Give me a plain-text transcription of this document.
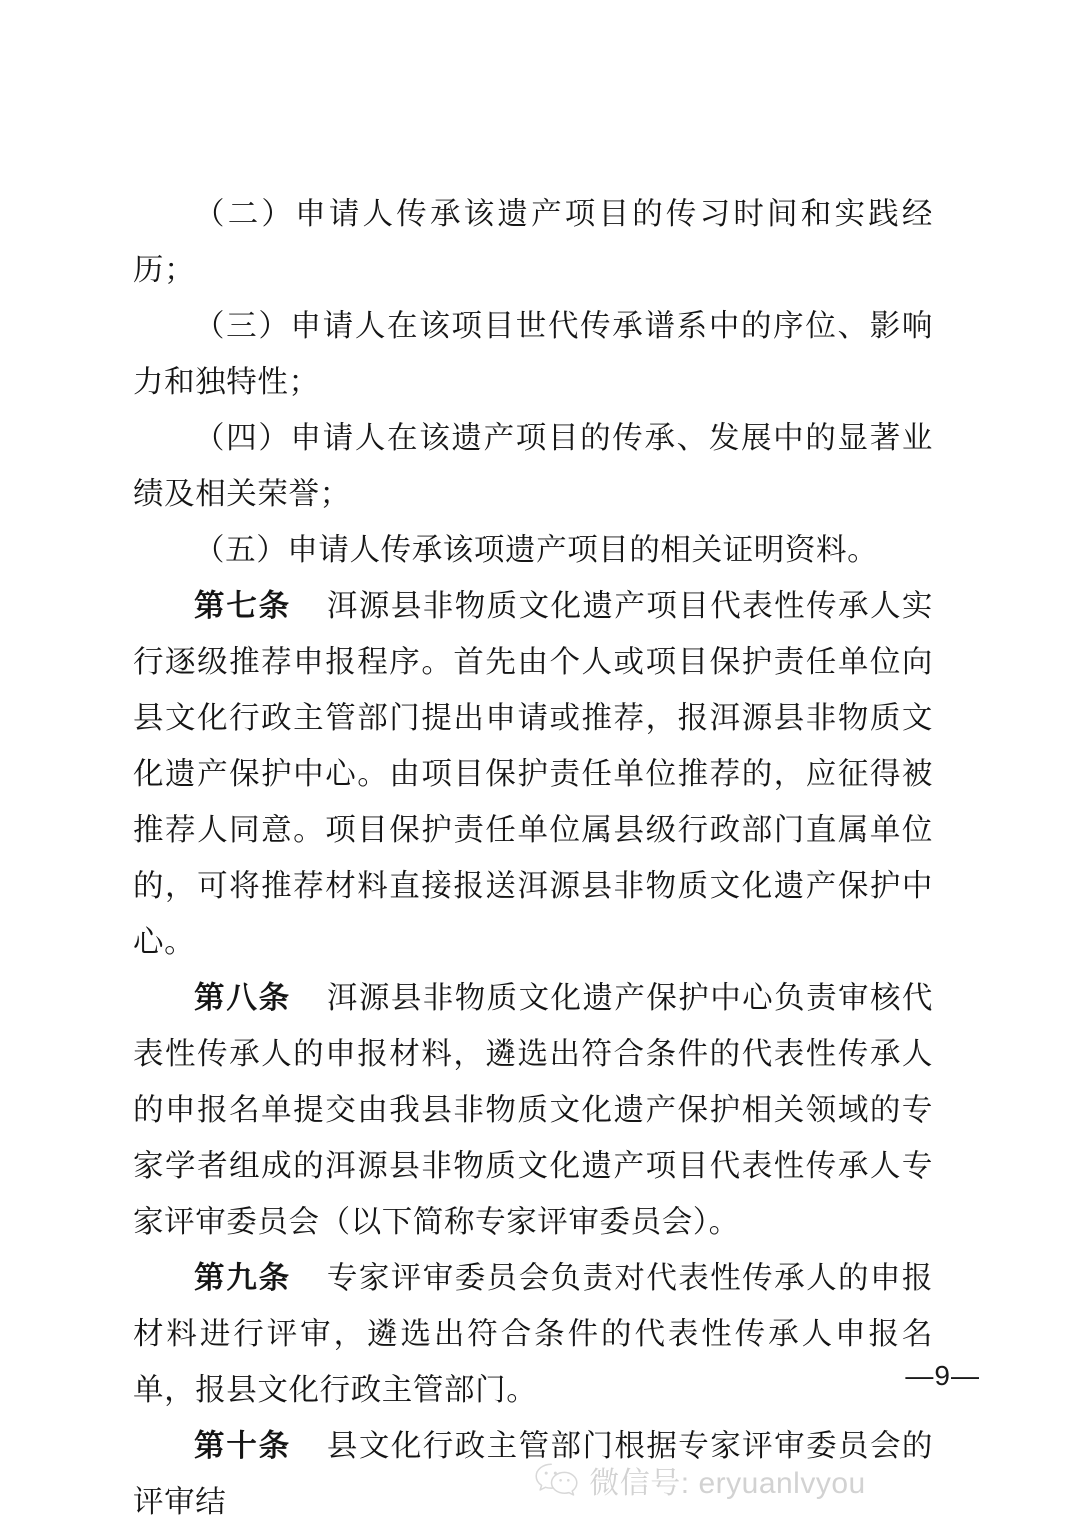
（二）申请人传承该遗产项目的传习时间和实践经历；

（三）申请人在该项目世代传承谱系中的序位、影响力和独特性；

（四）申请人在该遗产项目的传承、发展中的显著业绩及相关荣誉；

（五）申请人传承该项遗产项目的相关证明资料。

第七条 洱源县非物质文化遗产项目代表性传承人实行逐级推荐申报程序。首先由个人或项目保护责任单位向县文化行政主管部门提出申请或推荐，报洱源县非物质文化遗产保护中心。由项目保护责任单位推荐的，应征得被推荐人同意。项目保护责任单位属县级行政部门直属单位的，可将推荐材料直接报送洱源县非物质文化遗产保护中心。

第八条 洱源县非物质文化遗产保护中心负责审核代表性传承人的申报材料，遴选出符合条件的代表性传承人的申报名单提交由我县非物质文化遗产保护相关领域的专家学者组成的洱源县非物质文化遗产项目代表性传承人专家评审委员会（以下简称专家评审委员会）。

第九条 专家评审委员会负责对代表性传承人的申报材料进行评审，遴选出符合条件的代表性传承人申报名单，报县文化行政主管部门。

第十条 县文化行政主管部门根据专家评审委员会的评审结

—9—
微信号: eryuanlvyou
